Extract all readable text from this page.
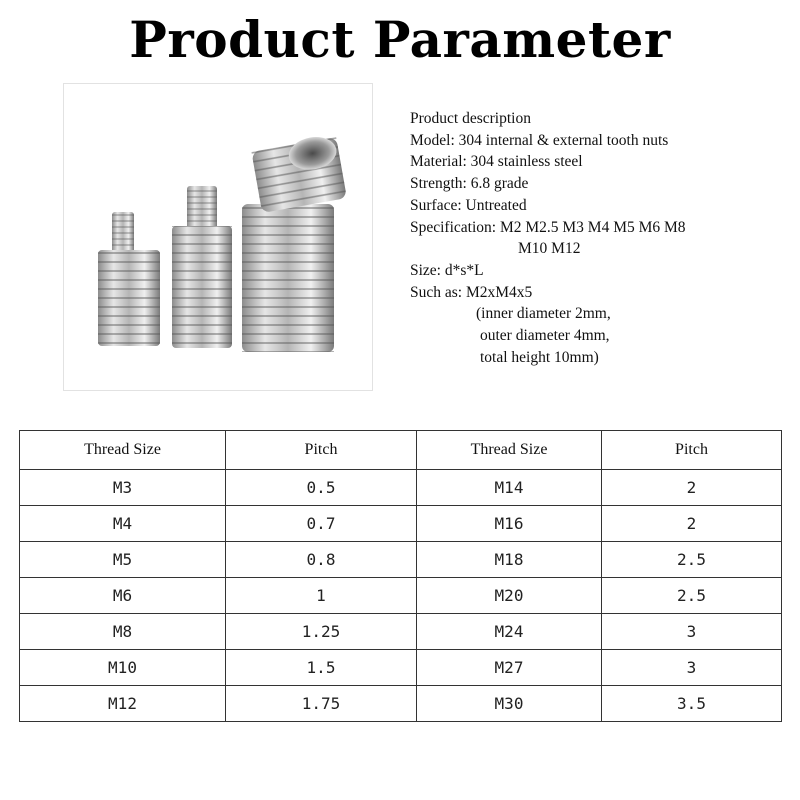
Product Parameter
Product description
Model: 304 internal & external tooth nuts
Material: 304 stainless steel
Strength: 6.8 grade
Surface: Untreated
Specification: M2 M2.5 M3 M4 M5 M6 M8
M10 M12
Size: d*s*L
Such as: M2xM4x5
(inner diameter 2mm,
outer diameter 4mm,
total height 10mm)
Thread Size	Pitch	Thread Size	Pitch
M3	0.5	M14	2
M4	0.7	M16	2
M5	0.8	M18	2.5
M6	1	M20	2.5
M8	1.25	M24	3
M10	1.5	M27	3
M12	1.75	M30	3.5
